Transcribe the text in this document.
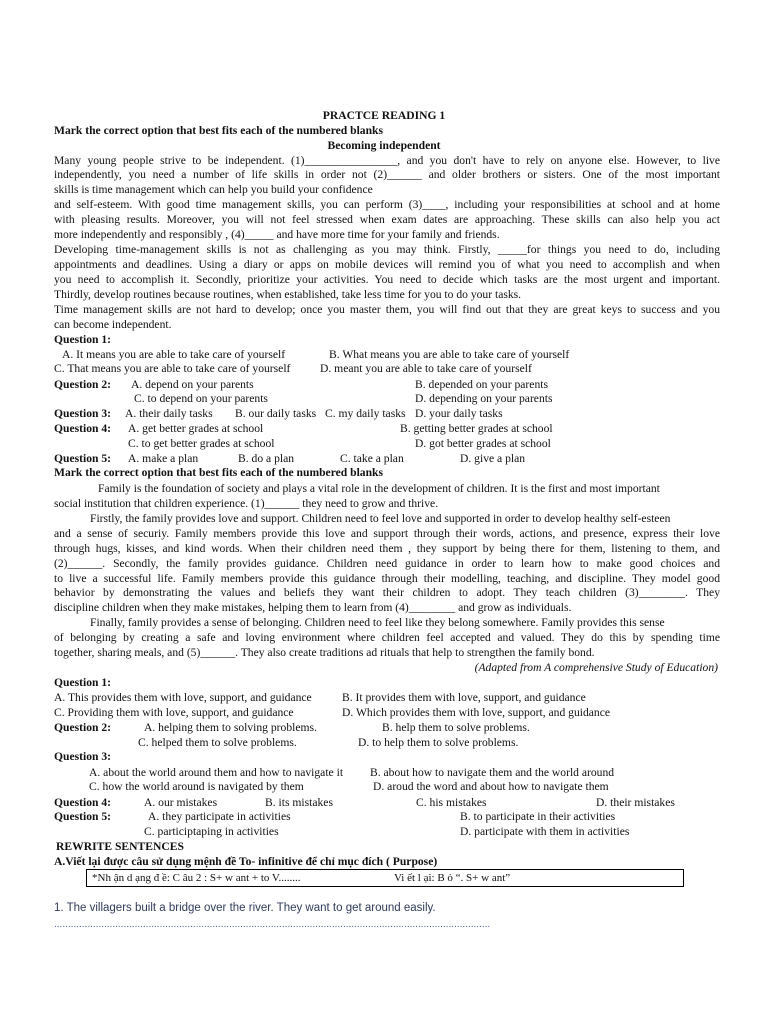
PRACTCE READING 1
Mark the correct option that best fits each of the numbered blanks
Becoming independent
Many young people strive to be independent. (1)________________, and you don't have to rely on anyone else. However, to live
independently, you need a number of life skills in order not (2)______ and older brothers or sisters. One of the most important
skills is time management which can help you build your confidence
and self-esteem. With good time management skills, you can perform (3)____, including your responsibilities at school and at home
with pleasing results. Moreover, you will not feel stressed when exam dates are approaching. These skills can also help you act
more independently and responsibly , (4)_____ and have more time for your family and friends.
Developing time-management skills is not as challenging as you may think. Firstly, _____for things you need to do, including
appointments and deadlines. Using a diary or apps on mobile devices will remind you of what you need to accomplish and when
you need to accomplish it. Secondly, prioritize your activities. You need to decide which tasks are the most urgent and important.
Thirdly, develop routines because routines, when established, take less time for you to do your tasks.
Time management skills are not hard to develop; once you master them, you will find out that they are great keys to success and you
can become independent.
Question 1:
A. It means you are able to take care of yourself	B. What means you are able to take care of yourself
C. That means you are able to take care of yourself	D. meant you are able to take care of yourself
Question 2: A. depend on your parents	B. depended on your parents
C. to depend on your parents	D. depending on your parents
Question 3: A. their daily tasks B. our daily tasks C. my daily tasks D. your daily tasks
Question 4: A. get better grades at school	B. getting better grades at school
C. to get better grades at school	D. got better grades at school
Question 5: A. make a plan	B. do a plan	C. take a plan	D. give a plan
Mark the correct option that best fits each of the numbered blanks
Family is the foundation of society and plays a vital role in the development of children. It is the first and most important
social institution that children experience. (1)______ they need to grow and thrive.
Firstly, the family provides love and support. Children need to feel love and supported in order to develop healthy self-esteen
and a sense of securiy. Family members provide this love and support through their words, actions, and presence, express their love
through hugs, kisses, and kind words. When their children need them , they support by being there for them, listening to them, and
(2)______. Secondly, the family provides guidance. Children need guidance in order to learn how to make good choices and
to live a successful life. Family members provide this guidance through their modelling, teaching, and discipline. They model good
behavior by demonstrating the values and beliefs they want their children to adopt. They teach children (3)________. They
discipline children when they make mistakes, helping them to learn from (4)________ and grow as individuals.
Finally, family provides a sense of belonging. Children need to feel like they belong somewhere. Family provides this sense
of belonging by creating a safe and loving environment where children feel accepted and valued. They do this by spending time
together, sharing meals, and (5)______. They also create traditions ad rituals that help to strengthen the family bond.
(Adapted from A comprehensive Study of Education)
Question 1:
A. This provides them with love, support, and guidance	B. It provides them with love, support, and guidance
C. Providing them with love, support, and guidance	D. Which provides them with love, support, and guidance
Question 2:	A. helping them to solving problems.	B. help them to solve problems.
C. helped them to solve problems.	D. to help them to solve problems.
Question 3:
A. about the world around them and how to navigate it B. about how to navigate them and the world around
C. how the world around is navigated by them	D. aroud the word and about how to navigate them
Question 4:	A. our mistakes	B. its mistakes	C. his mistakes	D. their mistakes
Question 5:	A. they participate in activities	B. to participate in their activities
C. participtaping in activities	D. participate with them in activities
REWRITE SENTENCES
A.Viết lại được câu sử dụng mệnh đề To- infinitive để chỉ mục đích ( Purpose)
*Nh ận d ạng đ ề: C âu 2 : S+ w ant + to V........	Vi ết l ại: B ỏ “. S+ w ant”
1. The villagers built a bridge over the river. They want to get around easily.
.............................................................................................................................................................
